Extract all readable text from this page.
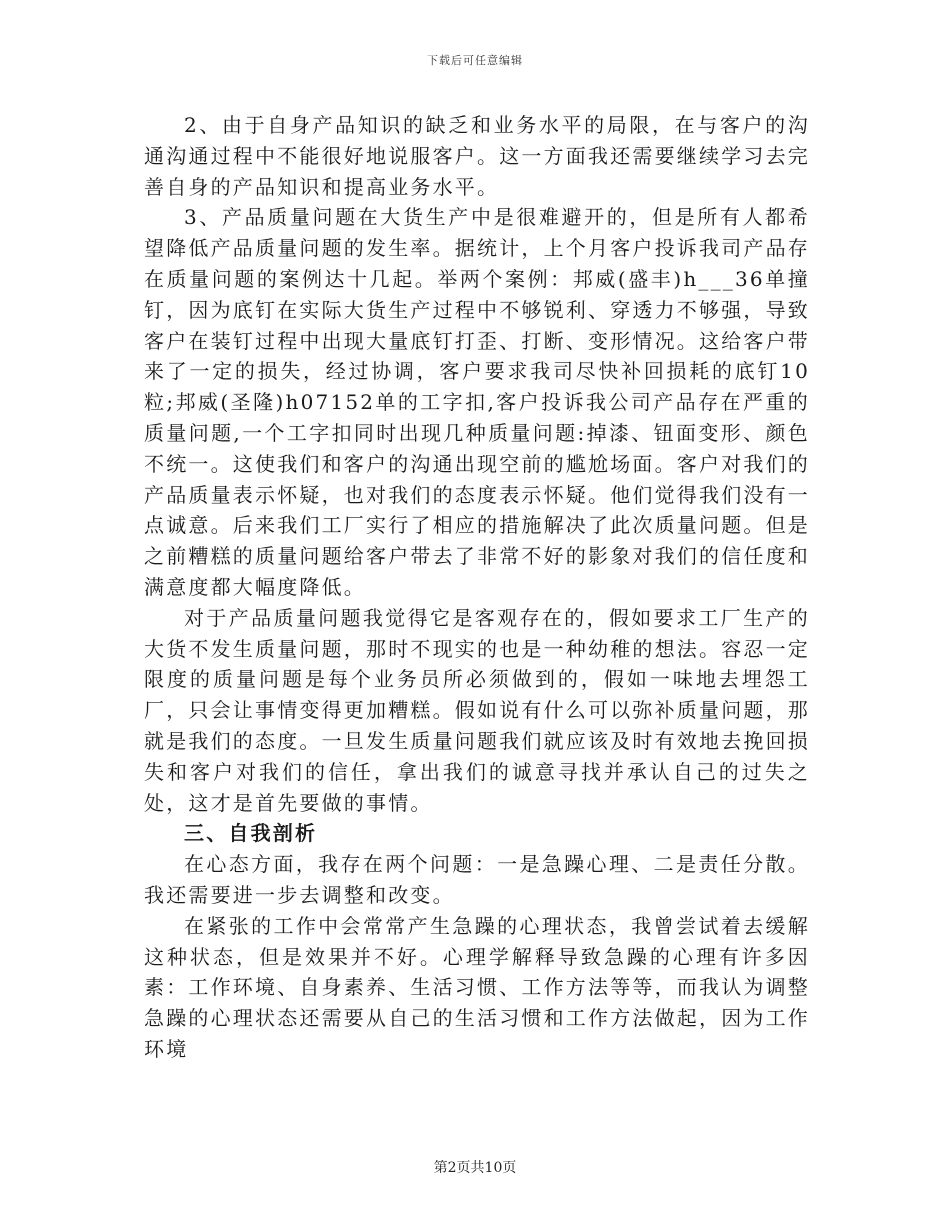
下载后可任意编辑

2、由于自身产品知识的缺乏和业务水平的局限，在与客户的沟通沟通过程中不能很好地说服客户。这一方面我还需要继续学习去完善自身的产品知识和提高业务水平。

3、产品质量问题在大货生产中是很难避开的，但是所有人都希望降低产品质量问题的发生率。据统计，上个月客户投诉我司产品存在质量问题的案例达十几起。举两个案例：邦威(盛丰)h___36单撞钉，因为底钉在实际大货生产过程中不够锐利、穿透力不够强，导致客户在装钉过程中出现大量底钉打歪、打断、变形情况。这给客户带来了一定的损失，经过协调，客户要求我司尽快补回损耗的底钉10粒;邦威(圣隆)h07152单的工字扣,客户投诉我公司产品存在严重的质量问题,一个工字扣同时出现几种质量问题:掉漆、钮面变形、颜色不统一。这使我们和客户的沟通出现空前的尴尬场面。客户对我们的产品质量表示怀疑，也对我们的态度表示怀疑。他们觉得我们没有一点诚意。后来我们工厂实行了相应的措施解决了此次质量问题。但是之前糟糕的质量问题给客户带去了非常不好的影象对我们的信任度和满意度都大幅度降低。

对于产品质量问题我觉得它是客观存在的，假如要求工厂生产的大货不发生质量问题，那时不现实的也是一种幼稚的想法。容忍一定限度的质量问题是每个业务员所必须做到的，假如一味地去埋怨工厂，只会让事情变得更加糟糕。假如说有什么可以弥补质量问题，那就是我们的态度。一旦发生质量问题我们就应该及时有效地去挽回损失和客户对我们的信任，拿出我们的诚意寻找并承认自己的过失之处，这才是首先要做的事情。

三、自我剖析

在心态方面，我存在两个问题：一是急躁心理、二是责任分散。我还需要进一步去调整和改变。

在紧张的工作中会常常产生急躁的心理状态，我曾尝试着去缓解这种状态，但是效果并不好。心理学解释导致急躁的心理有许多因素：工作环境、自身素养、生活习惯、工作方法等等，而我认为调整急躁的心理状态还需要从自己的生活习惯和工作方法做起，因为工作环境

第2页共10页
